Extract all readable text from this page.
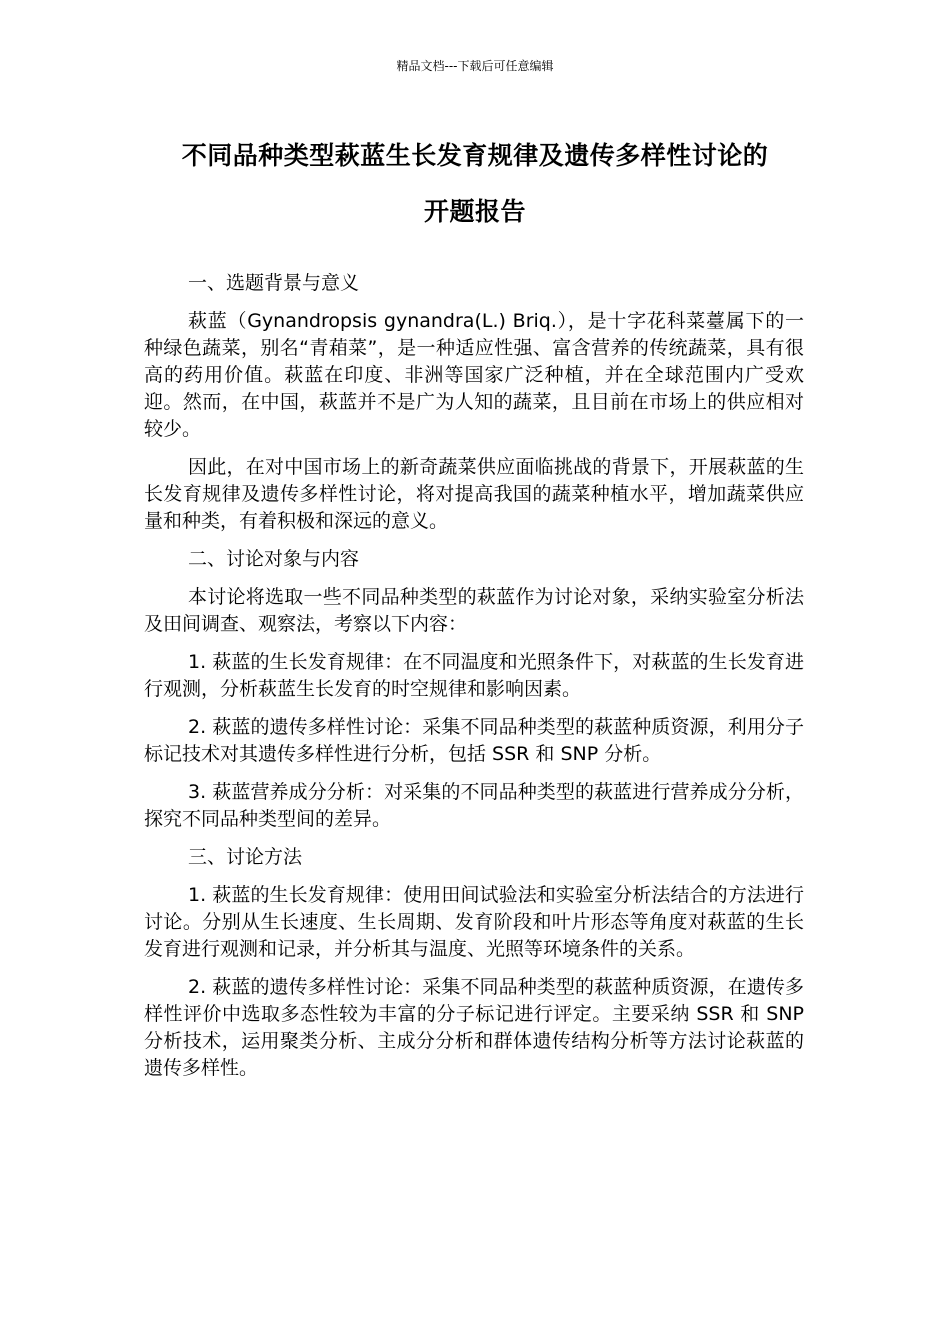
精品文档---下载后可任意编辑
不同品种类型萩蓝生长发育规律及遗传多样性讨论的
开题报告

一、选题背景与意义

萩蓝（Gynandropsis gynandra(L.) Briq.），是十字花科菜薹属下的一种绿色蔬菜，别名“青葙菜”，是一种适应性强、富含营养的传统蔬菜，具有很高的药用价值。萩蓝在印度、非洲等国家广泛种植，并在全球范围内广受欢迎。然而，在中国，萩蓝并不是广为人知的蔬菜，且目前在市场上的供应相对较少。

因此，在对中国市场上的新奇蔬菜供应面临挑战的背景下，开展萩蓝的生长发育规律及遗传多样性讨论，将对提高我国的蔬菜种植水平，增加蔬菜供应量和种类，有着积极和深远的意义。

二、讨论对象与内容

本讨论将选取一些不同品种类型的萩蓝作为讨论对象，采纳实验室分析法及田间调查、观察法，考察以下内容：

1. 萩蓝的生长发育规律：在不同温度和光照条件下，对萩蓝的生长发育进行观测，分析萩蓝生长发育的时空规律和影响因素。

2. 萩蓝的遗传多样性讨论：采集不同品种类型的萩蓝种质资源，利用分子标记技术对其遗传多样性进行分析，包括 SSR 和 SNP 分析。

3. 萩蓝营养成分分析：对采集的不同品种类型的萩蓝进行营养成分分析，探究不同品种类型间的差异。

三、讨论方法

1. 萩蓝的生长发育规律：使用田间试验法和实验室分析法结合的方法进行讨论。分别从生长速度、生长周期、发育阶段和叶片形态等角度对萩蓝的生长发育进行观测和记录，并分析其与温度、光照等环境条件的关系。

2. 萩蓝的遗传多样性讨论：采集不同品种类型的萩蓝种质资源，在遗传多样性评价中选取多态性较为丰富的分子标记进行评定。主要采纳 SSR 和 SNP 分析技术，运用聚类分析、主成分分析和群体遗传结构分析等方法讨论萩蓝的遗传多样性。
